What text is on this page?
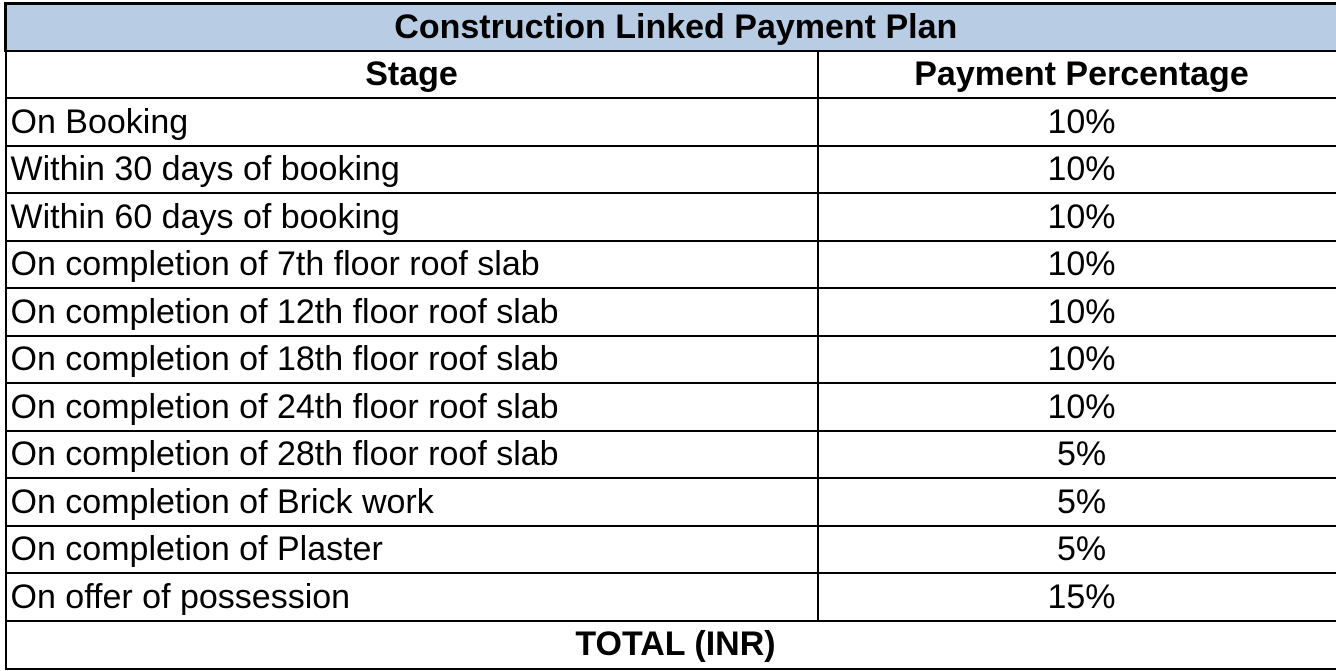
Construction Linked Payment Plan	
Stage	Payment Percentage
On Booking	10%
Within 30 days of booking	10%
Within 60 days of booking	10%
On completion of 7th floor roof slab	10%
On completion of 12th floor roof slab	10%
On completion of 18th floor roof slab	10%
On completion of 24th floor roof slab	10%
On completion of 28th floor roof slab	5%
On completion of Brick work	5%
On completion of Plaster	5%
On offer of possession	15%
TOTAL (INR)	
